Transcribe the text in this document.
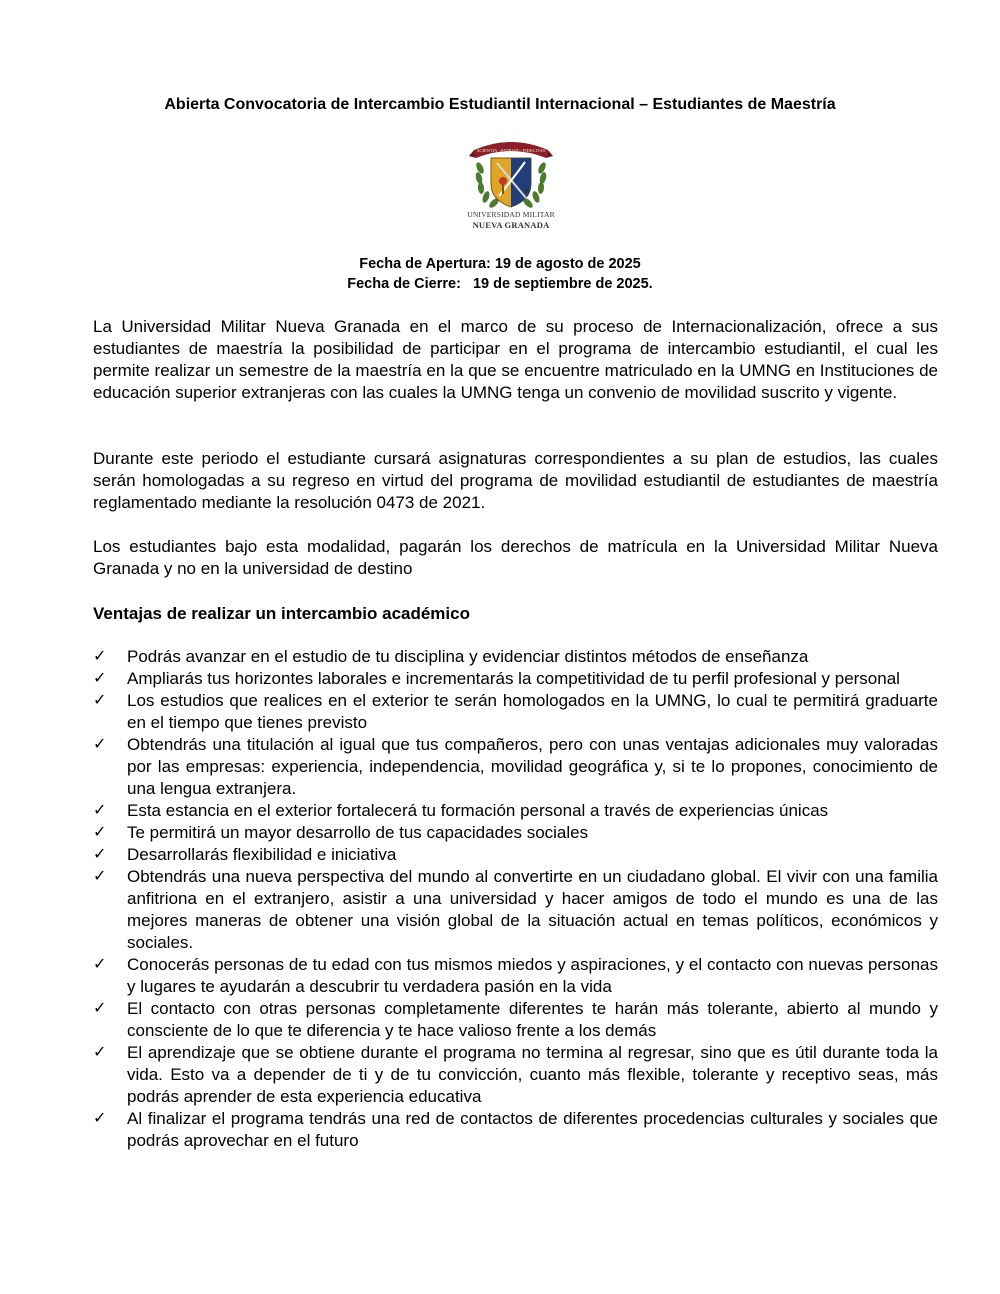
Abierta Convocatoria de Intercambio Estudiantil Internacional – Estudiantes de Maestría
SCIENTIA · PATRIAE · FIDELITAS
UNIVERSIDAD MILITAR
NUEVA GRANADA
Fecha de Apertura: 19 de agosto de 2025
Fecha de Cierre:   19 de septiembre de 2025.

La Universidad Militar Nueva Granada en el marco de su proceso de Internacionalización, ofrece a sus estudiantes de maestría la posibilidad de participar en el programa de intercambio estudiantil, el cual les permite realizar un semestre de la maestría en la que se encuentre matriculado en la UMNG en Instituciones de educación superior extranjeras con las cuales la UMNG tenga un convenio de movilidad suscrito y vigente.

Durante este periodo el estudiante cursará asignaturas correspondientes a su plan de estudios, las cuales serán homologadas a su regreso en virtud del programa de movilidad estudiantil de estudiantes de maestría reglamentado mediante la resolución 0473 de 2021.

Los estudiantes bajo esta modalidad, pagarán los derechos de matrícula en la Universidad Militar Nueva Granada y no en la universidad de destino

Ventajas de realizar un intercambio académico
✓	Podrás avanzar en el estudio de tu disciplina y evidenciar distintos métodos de enseñanza
✓	Ampliarás tus horizontes laborales e incrementarás la competitividad de tu perfil profesional y personal
✓	Los estudios que realices en el exterior te serán homologados en la UMNG, lo cual te permitirá graduarte en el tiempo que tienes previsto
✓	Obtendrás una titulación al igual que tus compañeros, pero con unas ventajas adicionales muy valoradas por las empresas: experiencia, independencia, movilidad geográfica y, si te lo propones, conocimiento de una lengua extranjera.
✓	Esta estancia en el exterior fortalecerá tu formación personal a través de experiencias únicas
✓	Te permitirá un mayor desarrollo de tus capacidades sociales
✓	Desarrollarás flexibilidad e iniciativa
✓	Obtendrás una nueva perspectiva del mundo al convertirte en un ciudadano global. El vivir con una familia anfitriona en el extranjero, asistir a una universidad y hacer amigos de todo el mundo es una de las mejores maneras de obtener una visión global de la situación actual en temas políticos, económicos y sociales.
✓	Conocerás personas de tu edad con tus mismos miedos y aspiraciones, y el contacto con nuevas personas y lugares te ayudarán a descubrir tu verdadera pasión en la vida
✓	El contacto con otras personas completamente diferentes te harán más tolerante, abierto al mundo y consciente de lo que te diferencia y te hace valioso frente a los demás
✓	El aprendizaje que se obtiene durante el programa no termina al regresar, sino que es útil durante toda la vida. Esto va a depender de ti y de tu convicción, cuanto más flexible, tolerante y receptivo seas, más podrás aprender de esta experiencia educativa
✓	Al finalizar el programa tendrás una red de contactos de diferentes procedencias culturales y sociales que podrás aprovechar en el futuro
